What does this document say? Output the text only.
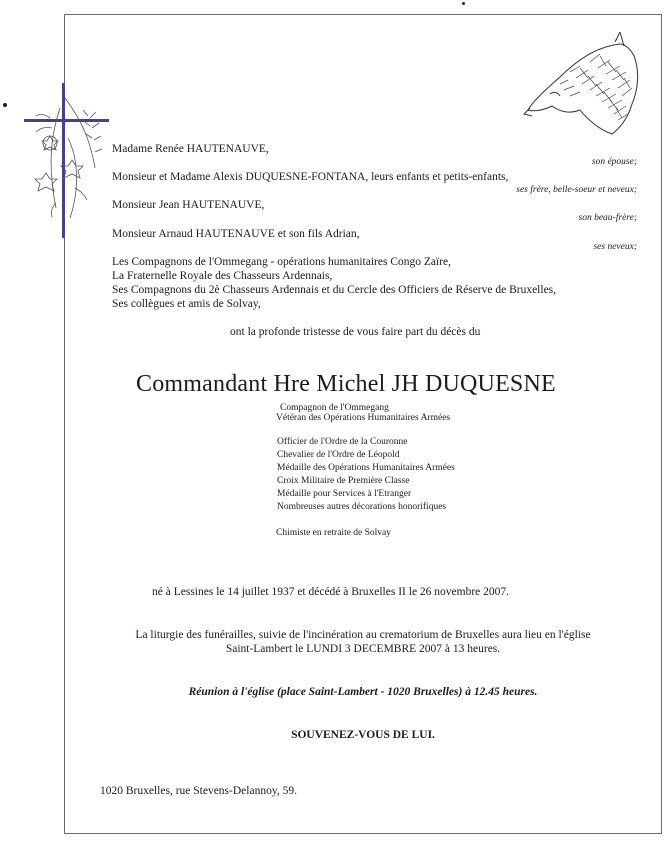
Madame Renée HAUTENAUVE,
son épouse;
Monsieur et Madame Alexis DUQUESNE-FONTANA, leurs enfants et petits-enfants,
ses frère, belle-soeur et neveux;
Monsieur Jean HAUTENAUVE,
son beau-frère;
Monsieur Arnaud HAUTENAUVE et son fils Adrian,
ses neveux;
Les Compagnons de l'Ommegang - opérations humanitaires Congo Zaïre,
La Fraternelle Royale des Chasseurs Ardennais,
Ses Compagnons du 2è Chasseurs Ardennais et du Cercle des Officiers de Réserve de Bruxelles,
Ses collègues et amis de Solvay,
ont la profonde tristesse de vous faire part du décès du
Commandant Hre Michel JH DUQUESNE
Compagnon de l'Ommegang
Vétéran des Opérations Humanitaires Armées
Officier de l'Ordre de la Couronne
Chevalier de l'Ordre de Léopold
Médaille des Opérations Humanitaires Armées
Croix Militaire de Première Classe
Médaille pour Services à l'Etranger
Nombreuses autres décorations honorifiques
Chimiste en retraite de Solvay
né à Lessines le 14 juillet 1937 et décédé à Bruxelles II le 26 novembre 2007.
La liturgie des funérailles, suivie de l'incinération au crematorium de Bruxelles aura lieu en l'église
Saint-Lambert le LUNDI 3 DECEMBRE 2007 à 13 heures.
Réunion à l'église (place Saint-Lambert - 1020 Bruxelles) à 12.45 heures.
SOUVENEZ-VOUS DE LUI.
1020 Bruxelles, rue Stevens-Delannoy, 59.
